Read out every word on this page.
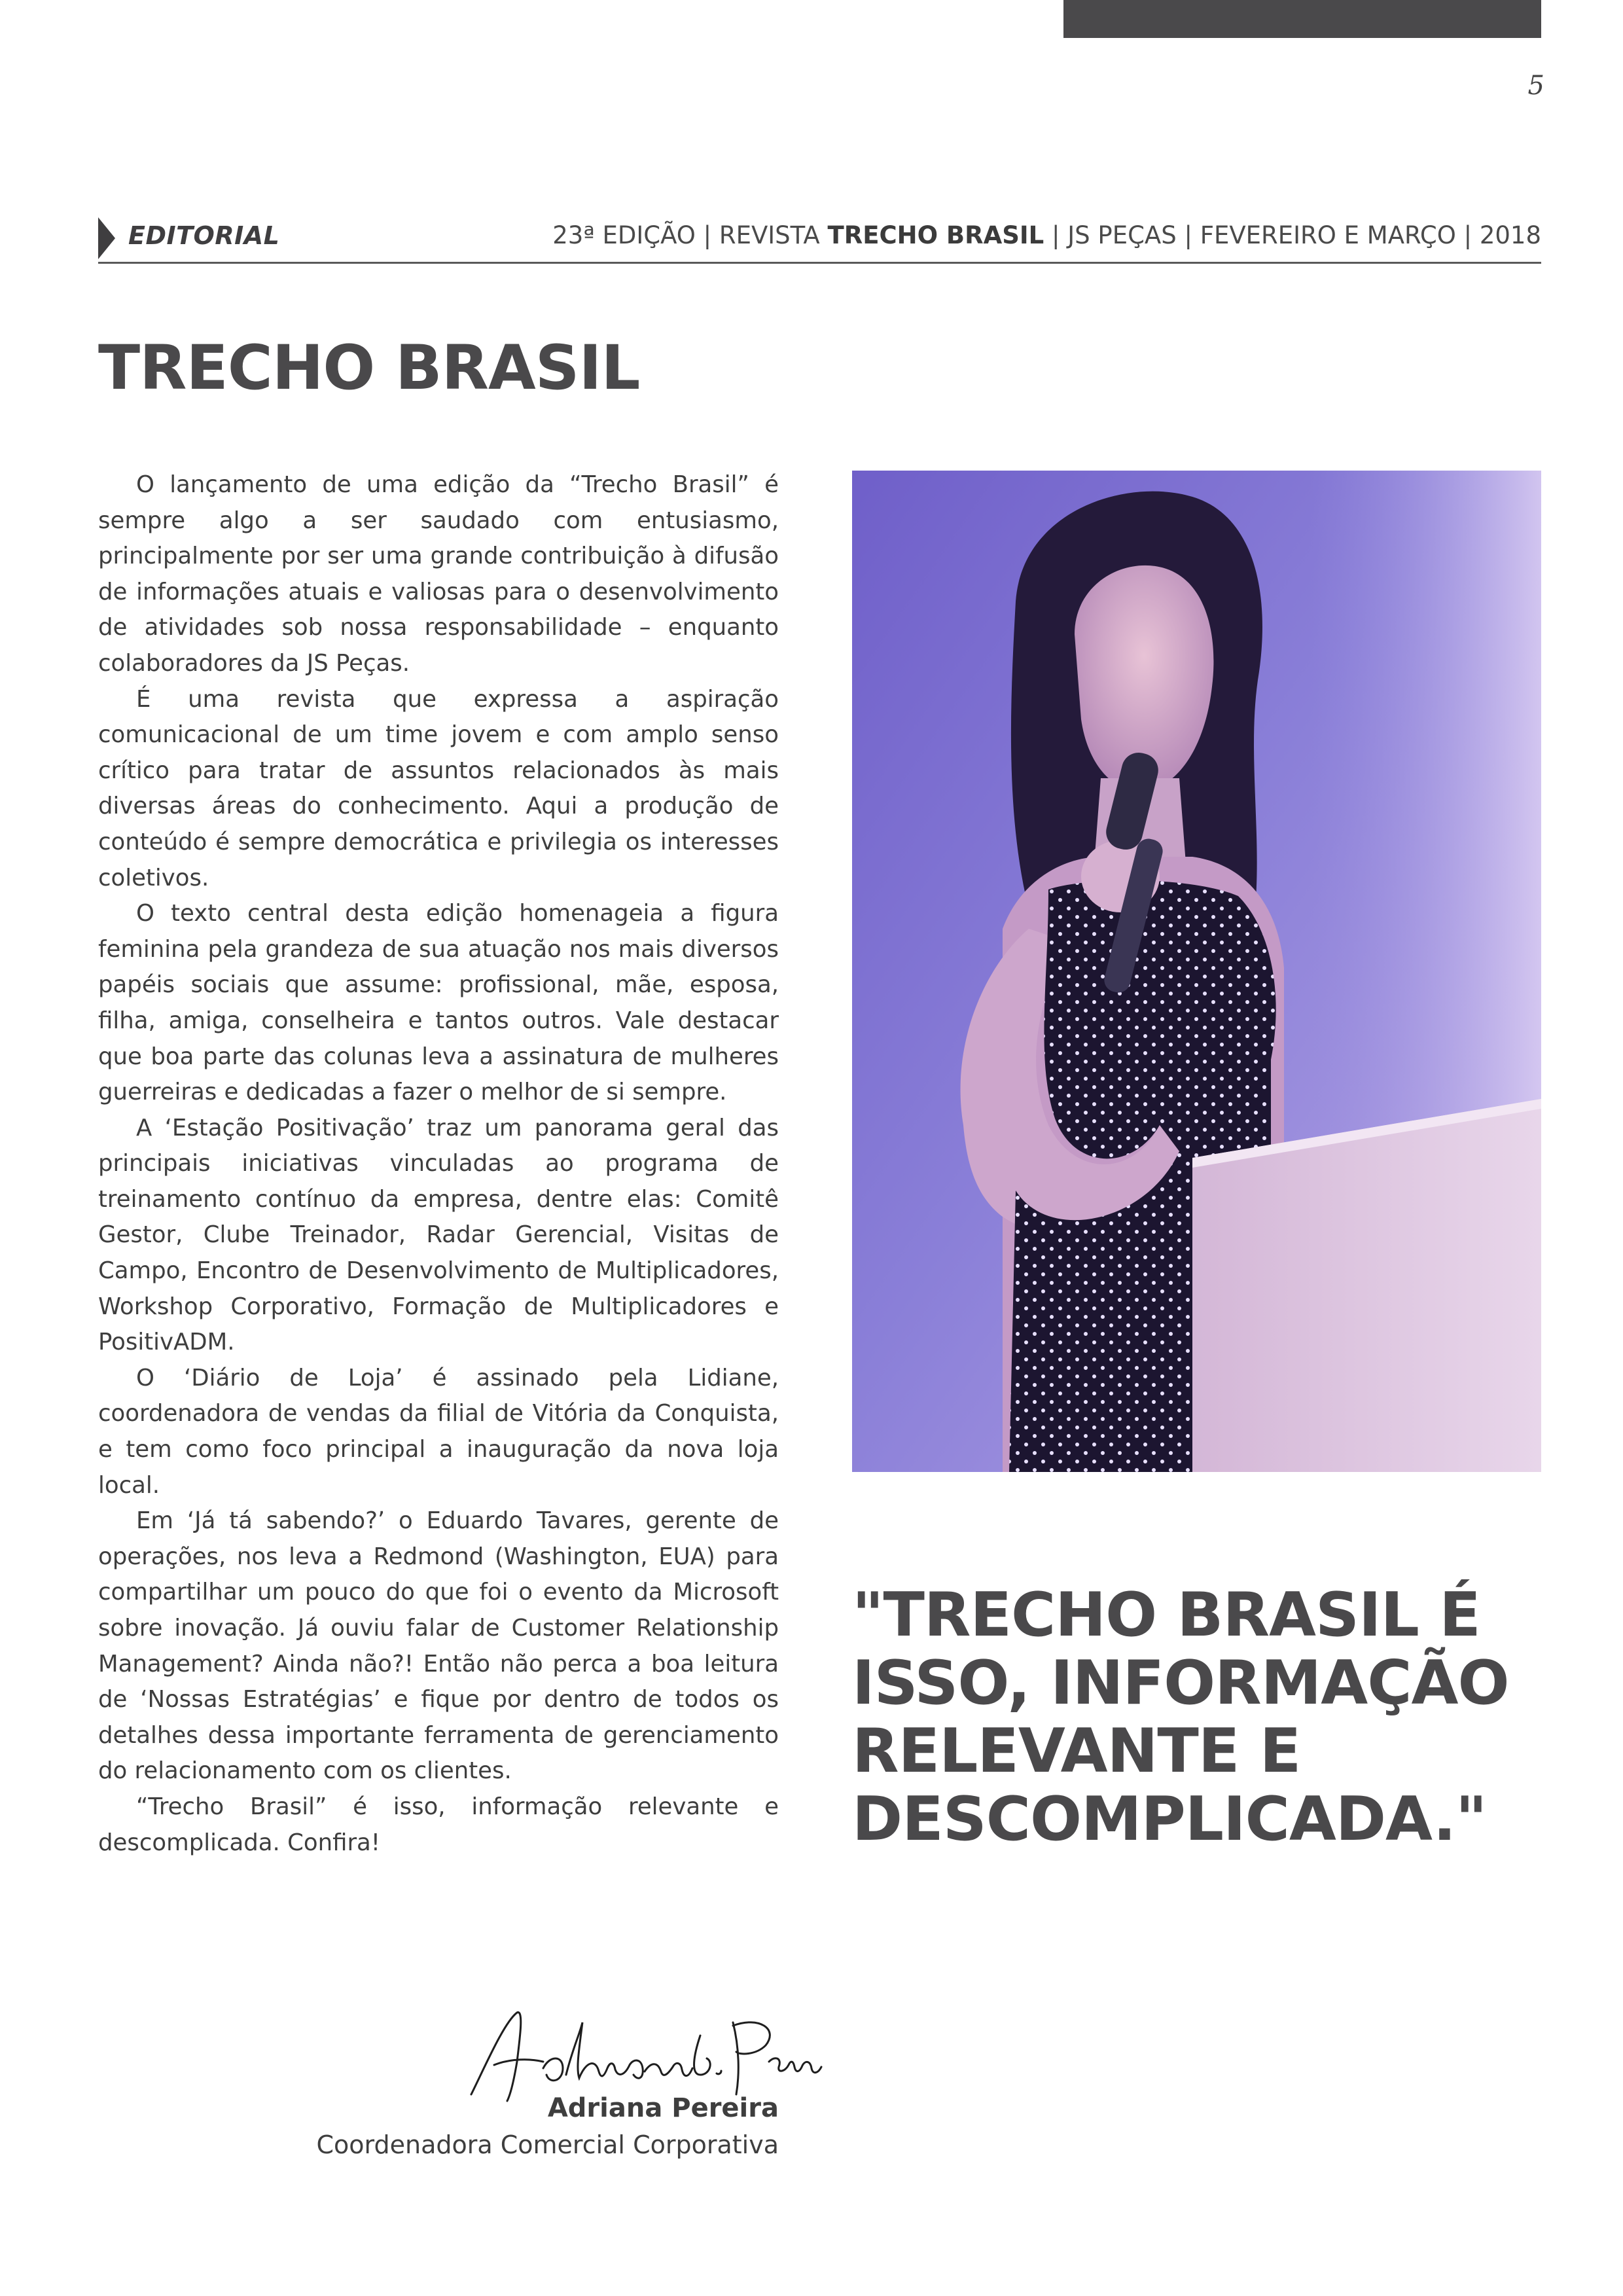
5
EDITORIAL	23ª EDIÇÃO | REVISTA TRECHO BRASIL | JS PEÇAS | FEVEREIRO E MARÇO | 2018
TRECHO BRASIL

O lançamento de uma edição da “Trecho Brasil” é sempre algo a ser saudado com entusiasmo, principalmente por ser uma grande contribuição à difusão de informações atuais e valiosas para o desenvolvimento de atividades sob nossa responsabilidade – enquanto colaboradores da JS Peças.

É uma revista que expressa a aspiração comunicacional de um time jovem e com amplo senso crítico para tratar de assuntos relacionados às mais diversas áreas do conhecimento. Aqui a produção de conteúdo é sempre democrática e privilegia os interesses coletivos.

O texto central desta edição homenageia a figura feminina pela grandeza de sua atuação nos mais diversos papéis sociais que assume: profissional, mãe, esposa, filha, amiga, conselheira e tantos outros. Vale destacar que boa parte das colunas leva a assinatura de mulheres guerreiras e dedicadas a fazer o melhor de si sempre.

A ‘Estação Positivação’ traz um panorama geral das principais iniciativas vinculadas ao programa de treinamento contínuo da empresa, dentre elas: Comitê Gestor, Clube Treinador, Radar Gerencial, Visitas de Campo, Encontro de Desenvolvimento de Multiplicadores, Workshop Corporativo, Formação de Multiplicadores e PositivADM.

O ‘Diário de Loja’ é assinado pela Lidiane, coordenadora de vendas da filial de Vitória da Conquista, e tem como foco principal a inauguração da nova loja local.

Em ‘Já tá sabendo?’ o Eduardo Tavares, gerente de operações, nos leva a Redmond (Washington, EUA) para compartilhar um pouco do que foi o evento da Microsoft sobre inovação. Já ouviu falar de Customer Relationship Management? Ainda não?! Então não perca a boa leitura de ‘Nossas Estratégias’ e fique por dentro de todos os detalhes dessa importante ferramenta de gerenciamento do relacionamento com os clientes.

“Trecho Brasil” é isso, informação relevante e descomplicada. Confira!

"TRECHO BRASIL É ISSO, INFORMAÇÃO RELEVANTE E DESCOMPLICADA."
Adriana Pereira
Coordenadora Comercial Corporativa
